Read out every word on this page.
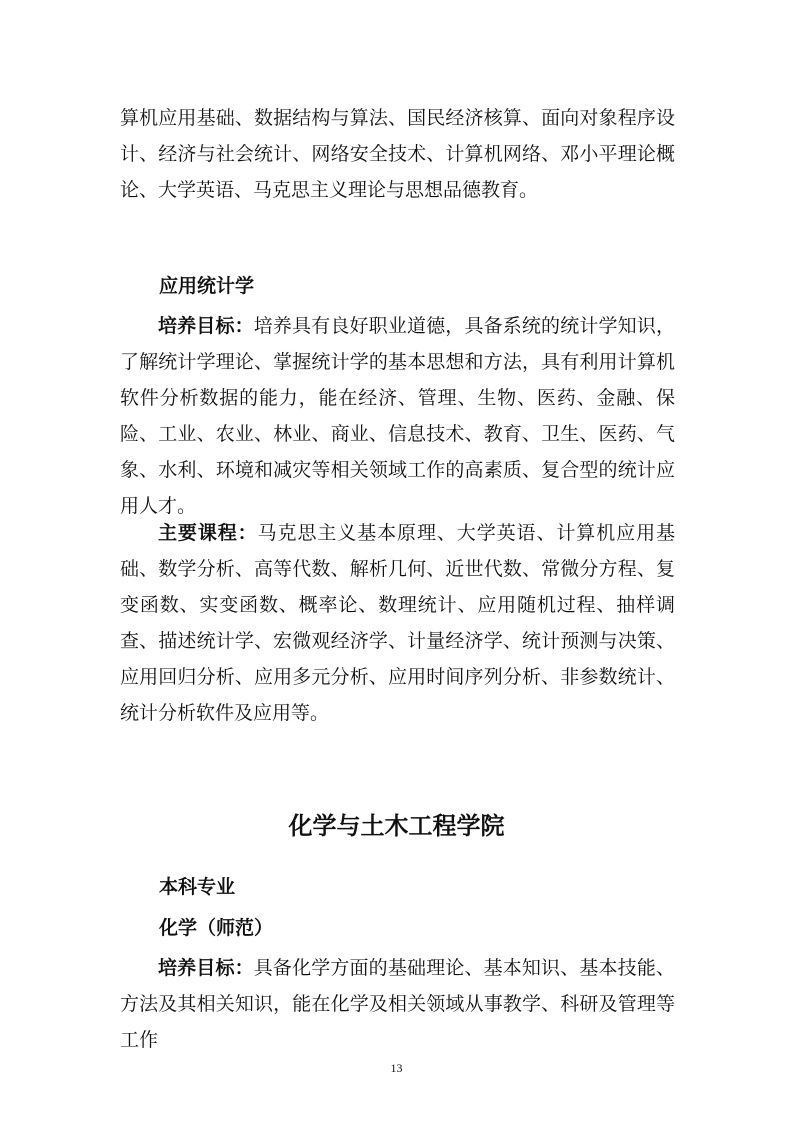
算机应用基础、数据结构与算法、国民经济核算、面向对象程序设计、经济与社会统计、网络安全技术、计算机网络、邓小平理论概论、大学英语、马克思主义理论与思想品德教育。

应用统计学

培养目标：培养具有良好职业道德，具备系统的统计学知识，了解统计学理论、掌握统计学的基本思想和方法，具有利用计算机软件分析数据的能力，能在经济、管理、生物、医药、金融、保险、工业、农业、林业、商业、信息技术、教育、卫生、医药、气象、水利、环境和减灾等相关领域工作的高素质、复合型的统计应用人才。

主要课程：马克思主义基本原理、大学英语、计算机应用基础、数学分析、高等代数、解析几何、近世代数、常微分方程、复变函数、实变函数、概率论、数理统计、应用随机过程、抽样调查、描述统计学、宏微观经济学、计量经济学、统计预测与决策、应用回归分析、应用多元分析、应用时间序列分析、非参数统计、统计分析软件及应用等。

化学与土木工程学院
本科专业
化学（师范）

培养目标：具备化学方面的基础理论、基本知识、基本技能、方法及其相关知识，能在化学及相关领域从事教学、科研及管理等工作

13
